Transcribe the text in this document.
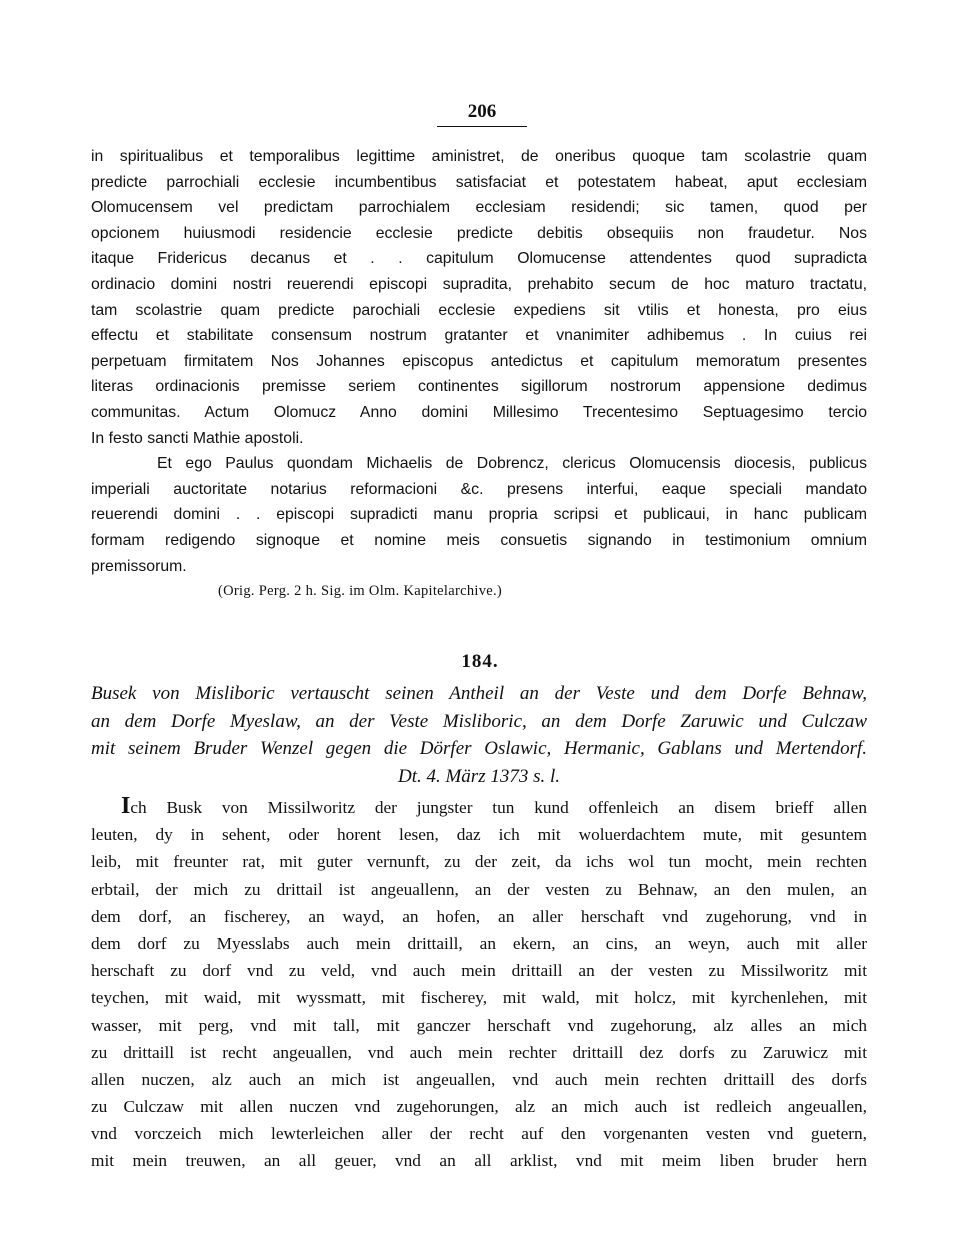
206
in spiritualibus et temporalibus legittime aministret, de oneribus quoque tam scolastrie quam
predicte parrochiali ecclesie incumbentibus satisfaciat et potestatem habeat, aput ecclesiam
Olomucensem vel predictam parrochialem ecclesiam residendi; sic tamen, quod per
opcionem huiusmodi residencie ecclesie predicte debitis obsequiis non fraudetur. Nos
itaque Fridericus decanus et . . capitulum Olomucense attendentes quod supradicta
ordinacio domini nostri reuerendi episcopi supradita, prehabito secum de hoc maturo tractatu,
tam scolastrie quam predicte parochiali ecclesie expediens sit vtilis et honesta, pro eius
effectu et stabilitate consensum nostrum gratanter et vnanimiter adhibemus . In cuius rei
perpetuam firmitatem Nos Johannes episcopus antedictus et capitulum memoratum presentes
literas ordinacionis premisse seriem continentes sigillorum nostrorum appensione dedimus
communitas. Actum Olomucz Anno domini Millesimo Trecentesimo Septuagesimo tercio
In festo sancti Mathie apostoli.
Et ego Paulus quondam Michaelis de Dobrencz, clericus Olomucensis diocesis, publicus
imperiali auctoritate notarius reformacioni &c. presens interfui, eaque speciali mandato
reuerendi domini . . episcopi supradicti manu propria scripsi et publicaui, in hanc publicam
formam redigendo signoque et nomine meis consuetis signando in testimonium omnium
premissorum.
(Orig. Perg. 2 h. Sig. im Olm. Kapitelarchive.)
184.
Busek von Misliboric vertauscht seinen Antheil an der Veste und dem Dorfe Behnaw,
an dem Dorfe Myeslaw, an der Veste Misliboric, an dem Dorfe Zaruwic und Culczaw
mit seinem Bruder Wenzel gegen die Dörfer Oslawic, Hermanic, Gablans und Mertendorf.
Dt. 4. März 1373 s. l.
Ich Busk von Missilworitz der jungster tun kund offenleich an disem brieff allen
leuten, dy in sehent, oder horent lesen, daz ich mit woluerdachtem mute, mit gesuntem
leib, mit freunter rat, mit guter vernunft, zu der zeit, da ichs wol tun mocht, mein rechten
erbtail, der mich zu drittail ist angeuallenn, an der vesten zu Behnaw, an den mulen, an
dem dorf, an fischerey, an wayd, an hofen, an aller herschaft vnd zugehorung, vnd in
dem dorf zu Myesslabs auch mein drittaill, an ekern, an cins, an weyn, auch mit aller
herschaft zu dorf vnd zu veld, vnd auch mein drittaill an der vesten zu Missilworitz mit
teychen, mit waid, mit wyssmatt, mit fischerey, mit wald, mit holcz, mit kyrchenlehen, mit
wasser, mit perg, vnd mit tall, mit ganczer herschaft vnd zugehorung, alz alles an mich
zu drittaill ist recht angeuallen, vnd auch mein rechter drittaill dez dorfs zu Zaruwicz mit
allen nuczen, alz auch an mich ist angeuallen, vnd auch mein rechten drittaill des dorfs
zu Culczaw mit allen nuczen vnd zugehorungen, alz an mich auch ist redleich angeuallen,
vnd vorczeich mich lewterleichen aller der recht auf den vorgenanten vesten vnd guetern,
mit mein treuwen, an all geuer, vnd an all arklist, vnd mit meim liben bruder hern
